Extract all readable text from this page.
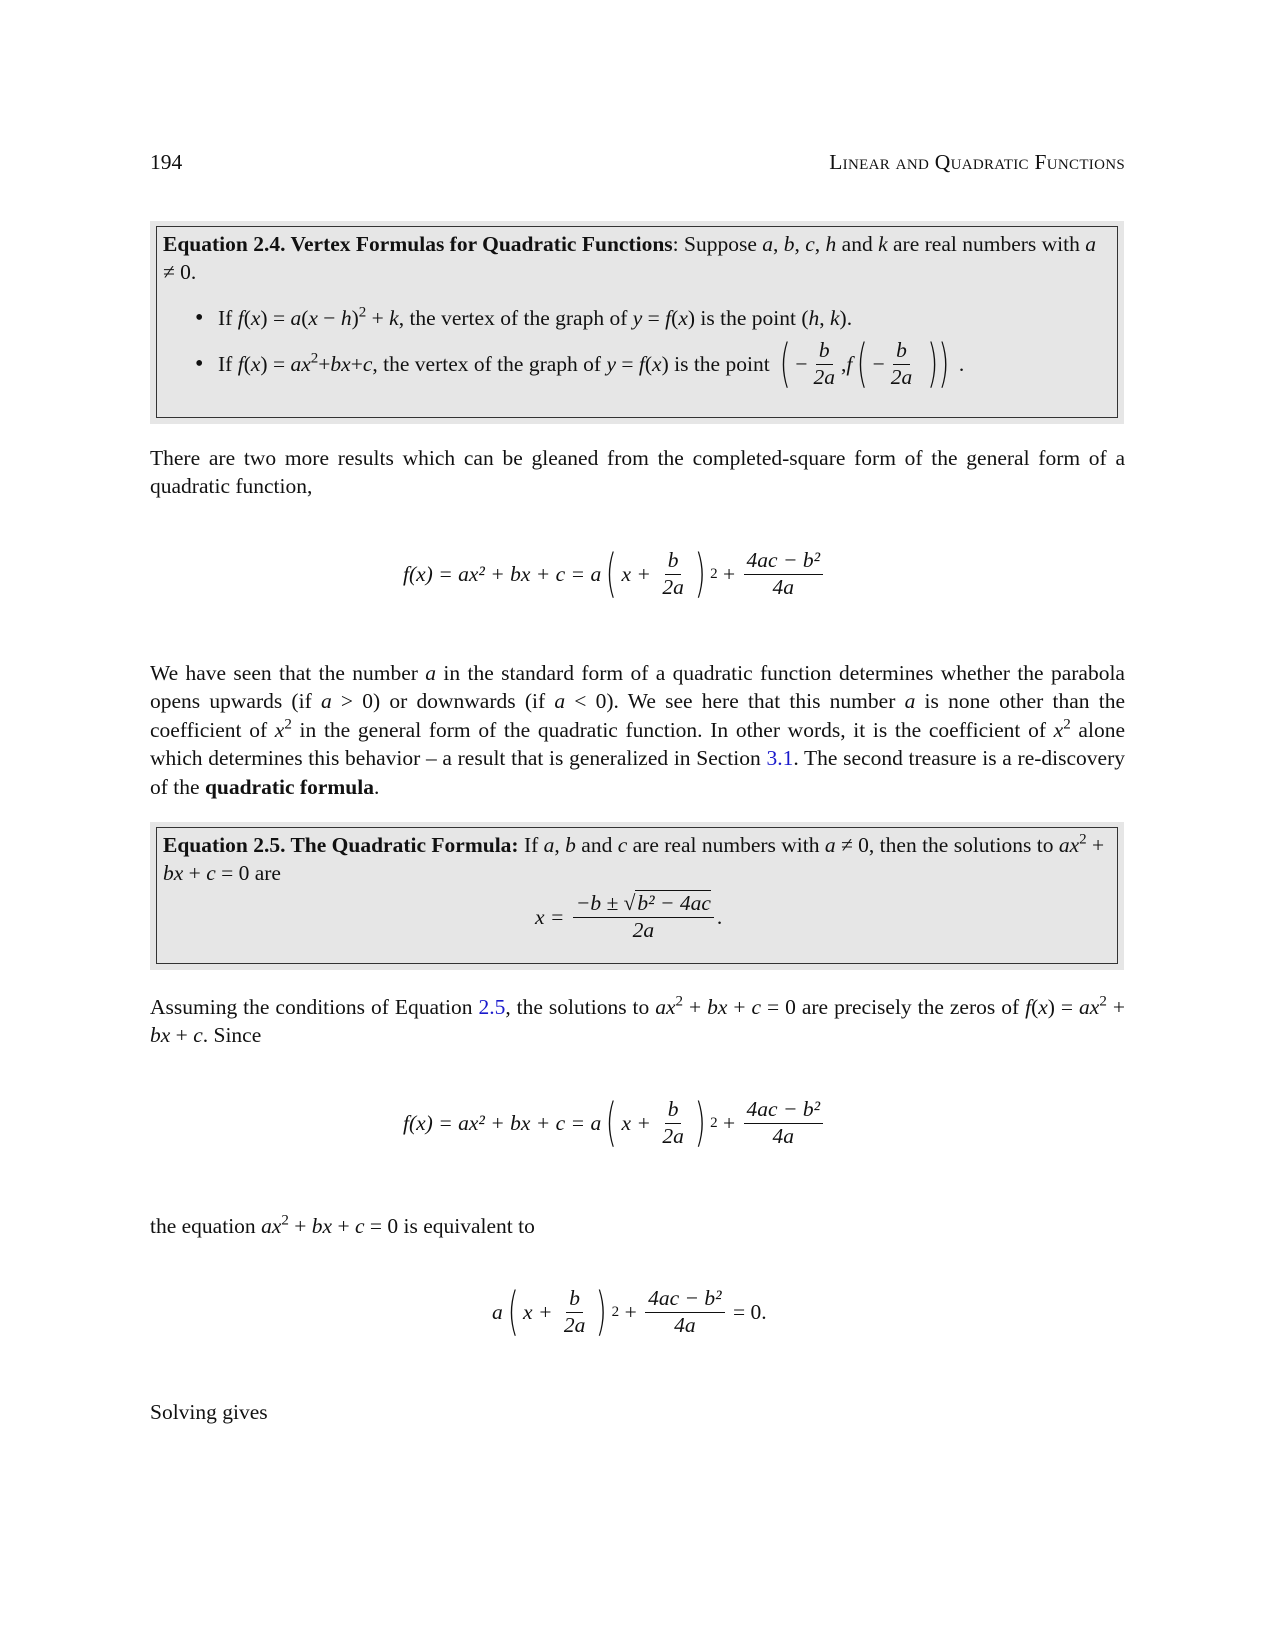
194	Linear and Quadratic Functions
Equation 2.4. Vertex Formulas for Quadratic Functions: Suppose a, b, c, h and k are real numbers with a ≠ 0.
• If $f(x) = a(x - h)^2 + k$, the vertex of the graph of y = f(x) is the point (h, k).
• If $f(x) = ax^2+bx+c$, the vertex of the graph of y = f(x) is the point ( − $\frac{b}{2a}$ , f ( − $\frac{b}{2a}$ )) .
There are two more results which can be gleaned from the completed-square form of the general form of a quadratic function,
f(x) = ax² + bx + c = a ( $x + \frac{b}{2a}$ ) $2 + \frac{\text{4ac − b²}}{4a}$
We have seen that the number a in the standard form of a quadratic function determines whether the parabola opens upwards (if a > 0) or downwards (if a < 0). We see here that this number a is none other than the coefficient of $x^2$ in the general form of the quadratic function. In other words, it is the coefficient of $x^2$ alone which determines this behavior – a result that is generalized in Section 3.1. The second treasure is a re-discovery of the quadratic formula.
Equation 2.5. The Quadratic Formula: If a, b and c are real numbers with a ≠ 0, then the solutions to $ax^2$ + bx + c = 0 are
$x = \frac{\text{−b ± √b² − 4ac}}{2a}$ .
Assuming the conditions of Equation 2.5, the solutions to $ax^2$ + bx + c = 0 are precisely the zeros of $f(x) = ax^2$ + bx + c. Since
f(x) = ax² + bx + c = a ( $x + \frac{b}{2a}$ ) $2 + \frac{\text{4ac − b²}}{4a}$
the equation $ax^2$ + bx + c = 0 is equivalent to
a ( $x + \frac{b}{2a}$ ) $2 + \frac{\text{4ac − b²}}{4a} = 0$.
Solving gives
